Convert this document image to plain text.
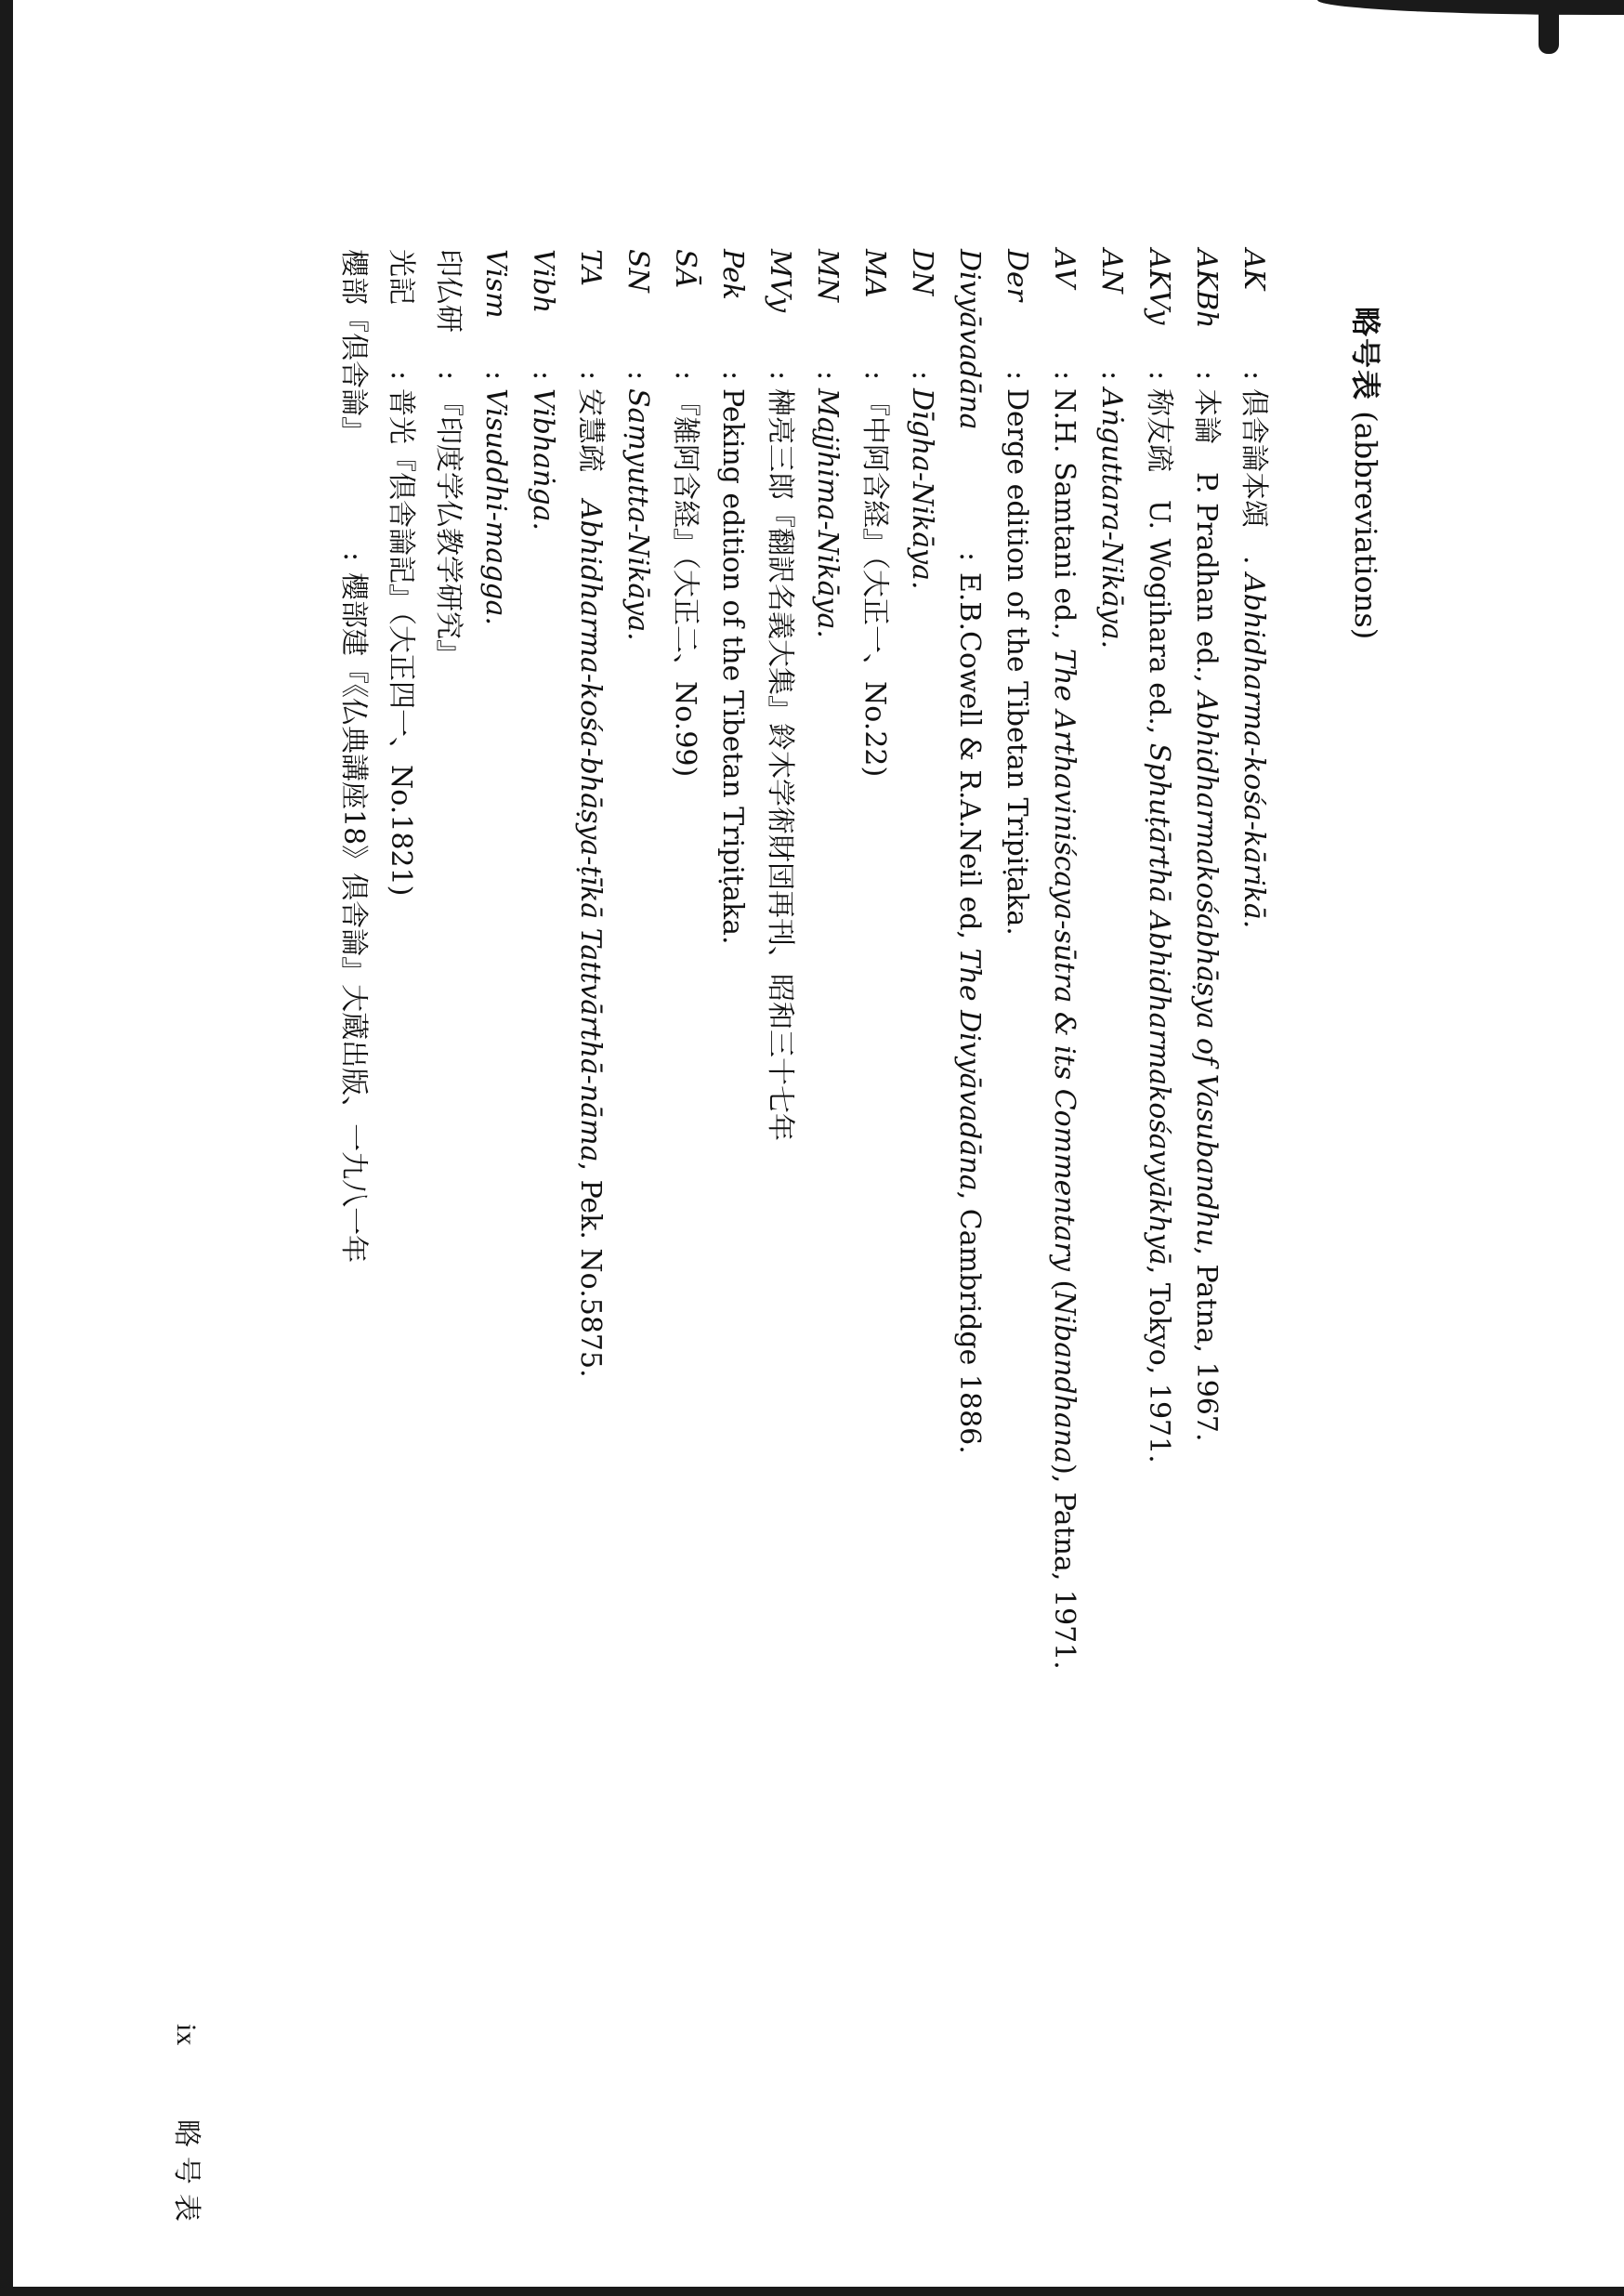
略号表 (abbreviations)
AK
:
倶舎論本頌　. Abhidharma-kośa-kārikā.
AKBh
:
本論　P. Pradhan ed., Abhidharmakośabhāṣya of Vasubandhu, Patna, 1967.
AKVy
:
称友疏　U. Wogihara ed., Sphuṭārthā Abhidharmakośavyākhyā, Tokyo, 1971.
AN
:
Aṅguttara-Nikāya.
AV
:
N.H. Samtani ed., The Arthaviniścaya-sūtra & its Commentary (Nibandhana), Patna, 1971.
Der
:
Derge edition of the Tibetan Tripiṭaka.
Divyāvadāna
:
E.B.Cowell & R.A.Neil ed, The Divyāvadāna, Cambridge 1886.
DN
:
Dīgha-Nikāya.
MA
:
『中阿含経』（大正一、No.22)
MN
:
Majjhima-Nikāya.
MVy
:
榊亮三郎『翻訳名義大集』鈴木学術財団再刊、昭和三十七年
Pek
:
Peking edition of the Tibetan Tripiṭaka.
SĀ
:
『雑阿含経』（大正二、No.99)
SN
:
Saṃyutta-Nikāya.
TA
:
安慧疏　Abhidharma-kośa-bhāṣya-ṭīkā Tattvārthā-nāma, Pek. No.5875.
Vibh
:
Vibhaṅga.
Vism
:
Visuddhi-magga.
印仏研
:
『印度学仏教学研究』
光記
:
普光『倶舎論記』（大正四一、No.1821)
櫻部『倶舎論』
:
櫻部建『《仏典講座18》倶舎論』大蔵出版、一九八一年
ix 略号表
